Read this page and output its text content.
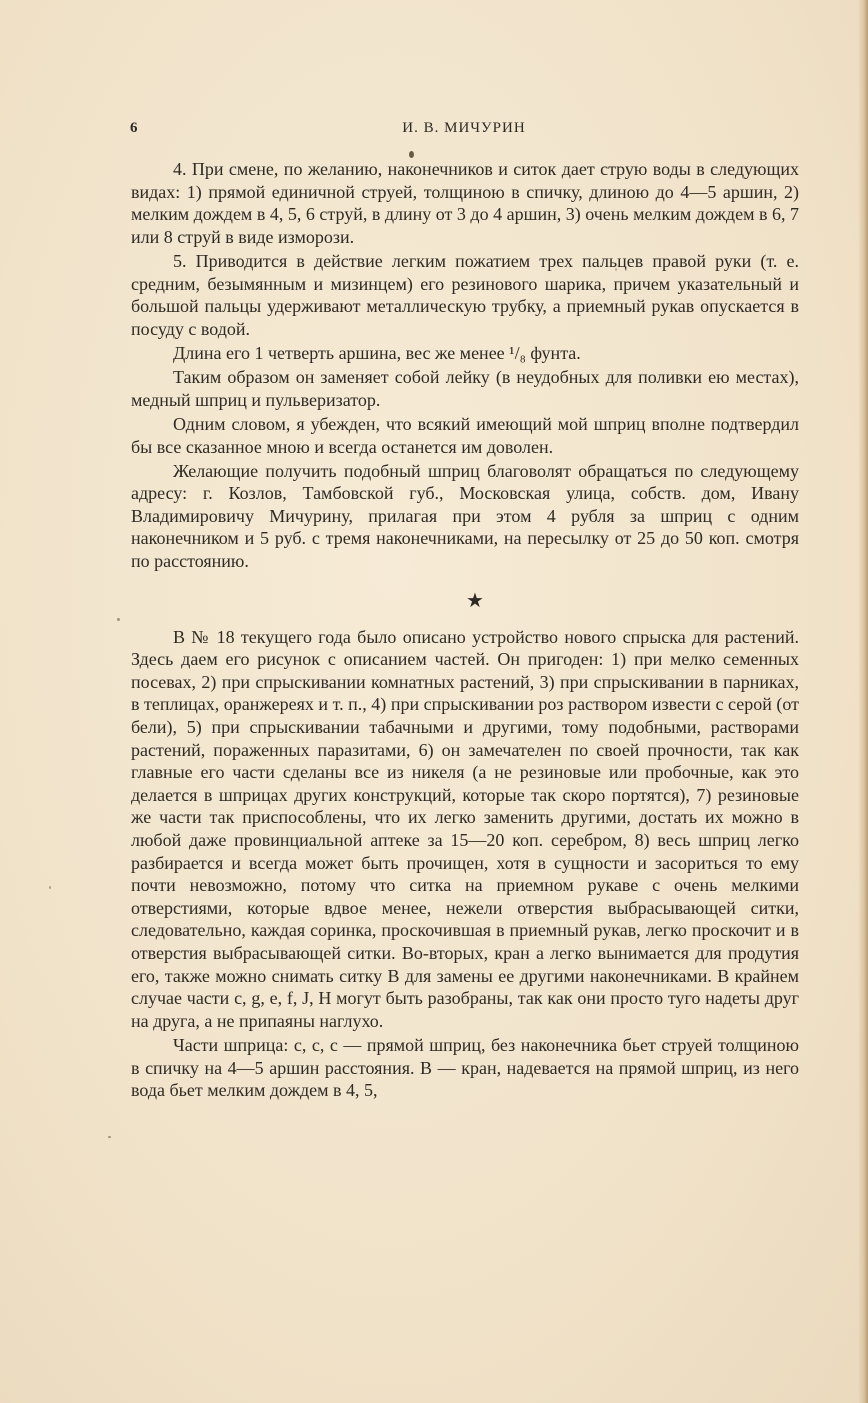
6	И. В. МИЧУРИН

4. При смене, по желанию, наконечников и ситок дает струю воды в следующих видах: 1) прямой единичной струей, толщиною в спичку, длиною до 4—5 аршин, 2) мелким дождем в 4, 5, 6 струй, в длину от 3 до 4 аршин, 3) очень мелким дождем в 6, 7 или 8 струй в виде изморози.

5. Приводится в действие легким пожатием трех пальцев правой руки (т. е. средним, безымянным и мизинцем) его резинового шарика, причем указательный и большой пальцы удерживают металлическую трубку, а приемный рукав опускается в посуду с водой.

Длина его 1 четверть аршина, вес же менее ¹/₈ фунта.

Таким образом он заменяет собой лейку (в неудобных для поливки ею местах), медный шприц и пульверизатор.

Одним словом, я убежден, что всякий имеющий мой шприц вполне подтвердил бы все сказанное мною и всегда останется им доволен.

Желающие получить подобный шприц благоволят обращаться по следующему адресу: г. Козлов, Тамбовской губ., Московская улица, собств. дом, Ивану Владимировичу Мичурину, прилагая при этом 4 рубля за шприц с одним наконечником и 5 руб. с тремя наконечниками, на пересылку от 25 до 50 коп. смотря по расстоянию.

★

В № 18 текущего года было описано устройство нового спрыска для растений. Здесь даем его рисунок с описанием частей. Он пригоден: 1) при мелко семенных посевах, 2) при спрыскивании комнатных растений, 3) при спрыскивании в парниках, в теплицах, оранжереях и т. п., 4) при спрыскивании роз раствором извести с серой (от бели), 5) при спрыскивании табачными и другими, тому подобными, растворами растений, пораженных паразитами, 6) он замечателен по своей прочности, так как главные его части сделаны все из никеля (а не резиновые или пробочные, как это делается в шприцах других конструкций, которые так скоро портятся), 7) резиновые же части так приспособлены, что их легко заменить другими, достать их можно в любой даже провинциальной аптеке за 15—20 коп. серебром, 8) весь шприц легко разбирается и всегда может быть прочищен, хотя в сущности и засориться то ему почти невозможно, потому что ситка на приемном рукаве с очень мелкими отверстиями, которые вдвое менее, нежели отверстия выбрасывающей ситки, следовательно, каждая соринка, проскочившая в приемный рукав, легко проскочит и в отверстия выбрасывающей ситки. Во-вторых, кран a легко вынимается для продутия его, также можно снимать ситку B для замены ее другими наконечниками. В крайнем случае части c, g, e, f, J, H могут быть разобраны, так как они просто туго надеты друг на друга, а не припаяны наглухо.

Части шприца: c, c, c — прямой шприц, без наконечника бьет струей толщиною в спичку на 4—5 аршин расстояния. B — кран, надевается на прямой шприц, из него вода бьет мелким дождем в 4, 5,
